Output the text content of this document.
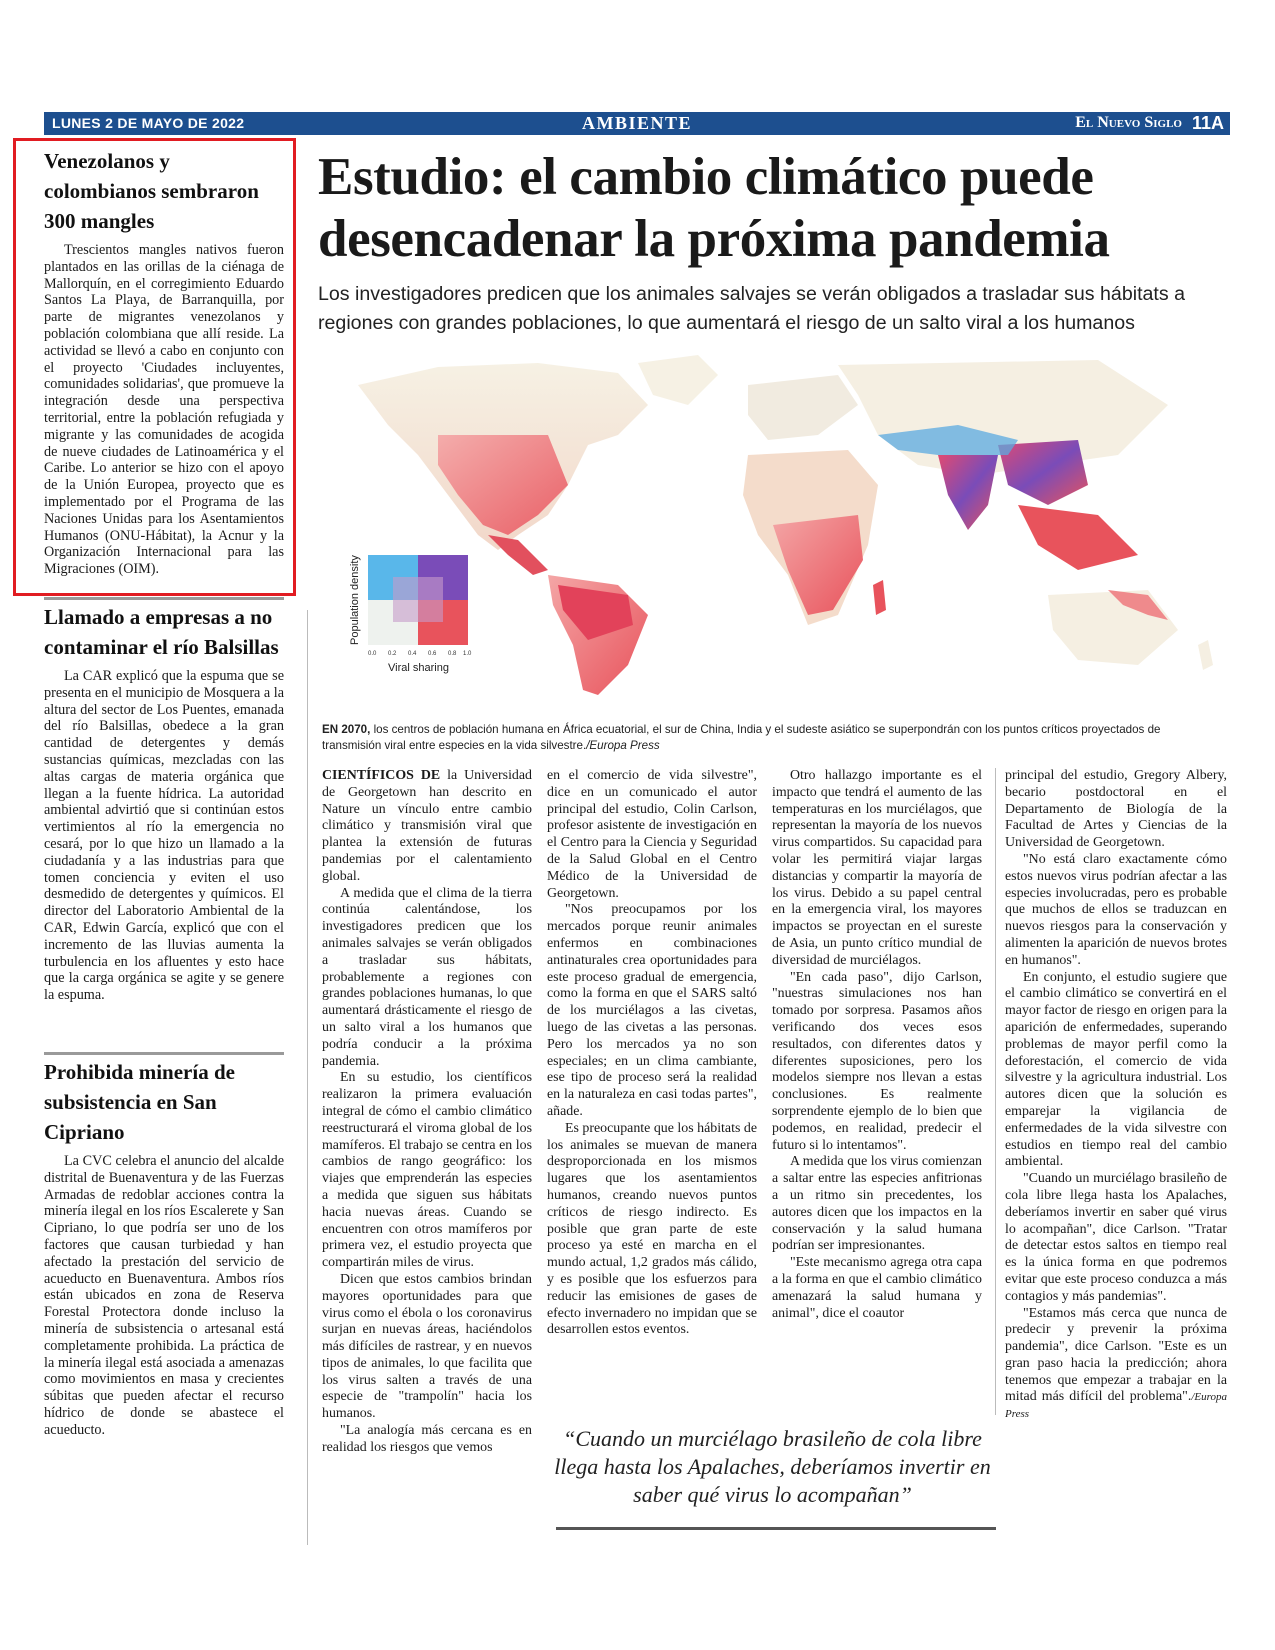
LUNES 2 DE MAYO DE 2022	AMBIENTE	El Nuevo Siglo 11A
Venezolanos y colombianos sembraron 300 mangles

Trescientos mangles nativos fueron plantados en las orillas de la ciénaga de Mallorquín, en el corregimiento Eduardo Santos La Playa, de Barranquilla, por parte de migrantes venezolanos y población colombiana que allí reside. La actividad se llevó a cabo en conjunto con el proyecto 'Ciudades incluyentes, comunidades solidarias', que promueve la integración desde una perspectiva territorial, entre la población refugiada y migrante y las comunidades de acogida de nueve ciudades de Latinoamérica y el Caribe. Lo anterior se hizo con el apoyo de la Unión Europea, proyecto que es implementado por el Programa de las Naciones Unidas para los Asentamientos Humanos (ONU-Hábitat), la Acnur y la Organización Internacional para las Migraciones (OIM).

Llamado a empresas a no contaminar el río Balsillas

La CAR explicó que la espuma que se presenta en el municipio de Mosquera a la altura del sector de Los Puentes, emanada del río Balsillas, obedece a la gran cantidad de detergentes y demás sustancias químicas, mezcladas con las altas cargas de materia orgánica que llegan a la fuente hídrica. La autoridad ambiental advirtió que si continúan estos vertimientos al río la emergencia no cesará, por lo que hizo un llamado a la ciudadanía y a las industrias para que tomen conciencia y eviten el uso desmedido de detergentes y químicos. El director del Laboratorio Ambiental de la CAR, Edwin García, explicó que con el incremento de las lluvias aumenta la turbulencia en los afluentes y esto hace que la carga orgánica se agite y se genere la espuma.

Prohibida minería de subsistencia en San Cipriano

La CVC celebra el anuncio del alcalde distrital de Buenaventura y de las Fuerzas Armadas de redoblar acciones contra la minería ilegal en los ríos Escalerete y San Cipriano, lo que podría ser uno de los factores que causan turbiedad y han afectado la prestación del servicio de acueducto en Buenaventura. Ambos ríos están ubicados en zona de Reserva Forestal Protectora donde incluso la minería de subsistencia o artesanal está completamente prohibida. La práctica de la minería ilegal está asociada a amenazas como movimientos en masa y crecientes súbitas que pueden afectar el recurso hídrico de donde se abastece el acueducto.

Estudio: el cambio climático puede desencadenar la próxima pandemia

Los investigadores predicen que los animales salvajes se verán obligados a trasladar sus hábitats a regiones con grandes poblaciones, lo que aumentará el riesgo de un salto viral a los humanos

Population density
Viral sharing
0.0 0.2 0.4 0.6 0.8 1.0

EN 2070, los centros de población humana en África ecuatorial, el sur de China, India y el sudeste asiático se superpondrán con los puntos críticos proyectados de transmisión viral entre especies en la vida silvestre./Europa Press

CIENTÍFICOS DE la Universidad de Georgetown han descrito en Nature un vínculo entre cambio climático y transmisión viral que plantea la extensión de futuras pandemias por el calentamiento global.

A medida que el clima de la tierra continúa calentándose, los investigadores predicen que los animales salvajes se verán obligados a trasladar sus hábitats, probablemente a regiones con grandes poblaciones humanas, lo que aumentará drásticamente el riesgo de un salto viral a los humanos que podría conducir a la próxima pandemia.

En su estudio, los científicos realizaron la primera evaluación integral de cómo el cambio climático reestructurará el viroma global de los mamíferos. El trabajo se centra en los cambios de rango geográfico: los viajes que emprenderán las especies a medida que siguen sus hábitats hacia nuevas áreas. Cuando se encuentren con otros mamíferos por primera vez, el estudio proyecta que compartirán miles de virus.

Dicen que estos cambios brindan mayores oportunidades para que virus como el ébola o los coronavirus surjan en nuevas áreas, haciéndolos más difíciles de rastrear, y en nuevos tipos de animales, lo que facilita que los virus salten a través de una especie de "trampolín" hacia los humanos.

"La analogía más cercana es en realidad los riesgos que vemos

en el comercio de vida silvestre", dice en un comunicado el autor principal del estudio, Colin Carlson, profesor asistente de investigación en el Centro para la Ciencia y Seguridad de la Salud Global en el Centro Médico de la Universidad de Georgetown.

"Nos preocupamos por los mercados porque reunir animales enfermos en combinaciones antinaturales crea oportunidades para este proceso gradual de emergencia, como la forma en que el SARS saltó de los murciélagos a las civetas, luego de las civetas a las personas. Pero los mercados ya no son especiales; en un clima cambiante, ese tipo de proceso será la realidad en la naturaleza en casi todas partes", añade.

Es preocupante que los hábitats de los animales se muevan de manera desproporcionada en los mismos lugares que los asentamientos humanos, creando nuevos puntos críticos de riesgo indirecto. Es posible que gran parte de este proceso ya esté en marcha en el mundo actual, 1,2 grados más cálido, y es posible que los esfuerzos para reducir las emisiones de gases de efecto invernadero no impidan que se desarrollen estos eventos.

Otro hallazgo importante es el impacto que tendrá el aumento de las temperaturas en los murciélagos, que representan la mayoría de los nuevos virus compartidos. Su capacidad para volar les permitirá viajar largas distancias y compartir la mayoría de los virus. Debido a su papel central en la emergencia viral, los mayores impactos se proyectan en el sureste de Asia, un punto crítico mundial de diversidad de murciélagos.

"En cada paso", dijo Carlson, "nuestras simulaciones nos han tomado por sorpresa. Pasamos años verificando dos veces esos resultados, con diferentes datos y diferentes suposiciones, pero los modelos siempre nos llevan a estas conclusiones. Es realmente sorprendente ejemplo de lo bien que podemos, en realidad, predecir el futuro si lo intentamos".

A medida que los virus comienzan a saltar entre las especies anfitrionas a un ritmo sin precedentes, los autores dicen que los impactos en la conservación y la salud humana podrían ser impresionantes.

"Este mecanismo agrega otra capa a la forma en que el cambio climático amenazará la salud humana y animal", dice el coautor

principal del estudio, Gregory Albery, becario postdoctoral en el Departamento de Biología de la Facultad de Artes y Ciencias de la Universidad de Georgetown.

"No está claro exactamente cómo estos nuevos virus podrían afectar a las especies involucradas, pero es probable que muchos de ellos se traduzcan en nuevos riesgos para la conservación y alimenten la aparición de nuevos brotes en humanos".

En conjunto, el estudio sugiere que el cambio climático se convertirá en el mayor factor de riesgo en origen para la aparición de enfermedades, superando problemas de mayor perfil como la deforestación, el comercio de vida silvestre y la agricultura industrial. Los autores dicen que la solución es emparejar la vigilancia de enfermedades de la vida silvestre con estudios en tiempo real del cambio ambiental.

"Cuando un murciélago brasileño de cola libre llega hasta los Apalaches, deberíamos invertir en saber qué virus lo acompañan", dice Carlson. "Tratar de detectar estos saltos en tiempo real es la única forma en que podremos evitar que este proceso conduzca a más contagios y más pandemias".

"Estamos más cerca que nunca de predecir y prevenir la próxima pandemia", dice Carlson. "Este es un gran paso hacia la predicción; ahora tenemos que empezar a trabajar en la mitad más difícil del problema"./Europa Press

“Cuando un murciélago brasileño de cola libre llega hasta los Apalaches, deberíamos invertir en saber qué virus lo acompañan”
